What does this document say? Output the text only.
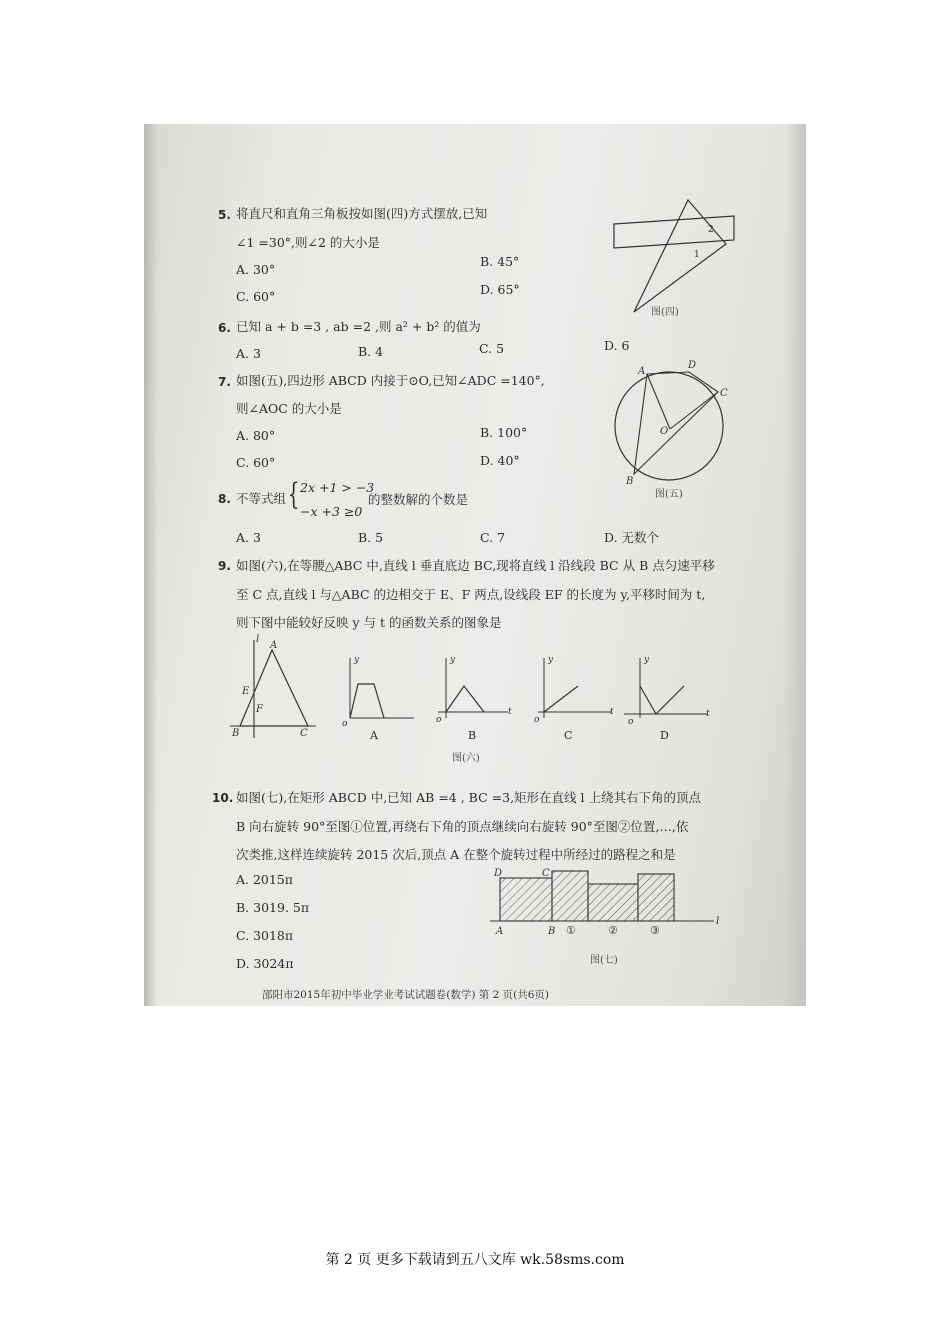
5. 将直尺和直角三角板按如图(四)方式摆放,已知
∠1 =30°,则∠2 的大小是
A. 30°
B. 45°
C. 60°	D. 65°
2
1
图(四)
6. 已知 a + b =3 , ab =2 ,则 a² + b² 的值为
A. 3	B. 4	C. 5	D. 6
7. 如图(五),四边形 ABCD 内接于⊙O,已知∠ADC =140°,
则∠AOC 的大小是
A. 80°	B. 100°
C. 60°	D. 40°
A
D
C
O
B
图(五)
8. 不等式组 { 2x +1 > −3
−x +3 ≥0
的整数解的个数是
A. 3	B. 5	C. 7	D. 无数个
9. 如图(六),在等腰△ABC 中,直线 l 垂直底边 BC,现将直线 l 沿线段 BC 从 B 点匀速平移
至 C 点,直线 l 与△ABC 的边相交于 E、F 两点,设线段 EF 的长度为 y,平移时间为 t,
则下图中能较好反映 y 与 t 的函数关系的图象是
l
A
E
F
B	C
y
o
y
t
o
y
t
o
y
t
o
A	B	C	D
图(六)
10. 如图(七),在矩形 ABCD 中,已知 AB =4 , BC =3,矩形在直线 l 上绕其右下角的顶点
B 向右旋转 90°至图①位置,再绕右下角的顶点继续向右旋转 90°至图②位置,…,依
次类推,这样连续旋转 2015 次后,顶点 A 在整个旋转过程中所经过的路程之和是
A. 2015π
B. 3019. 5π
C. 3018π
D. 3024π
D	C
A	B ①	②	③
l
图(七)
邵阳市2015年初中毕业学业考试试题卷(数学) 第 2 页(共6页)
第 2 页 更多下载请到五八文库 wk.58sms.com
